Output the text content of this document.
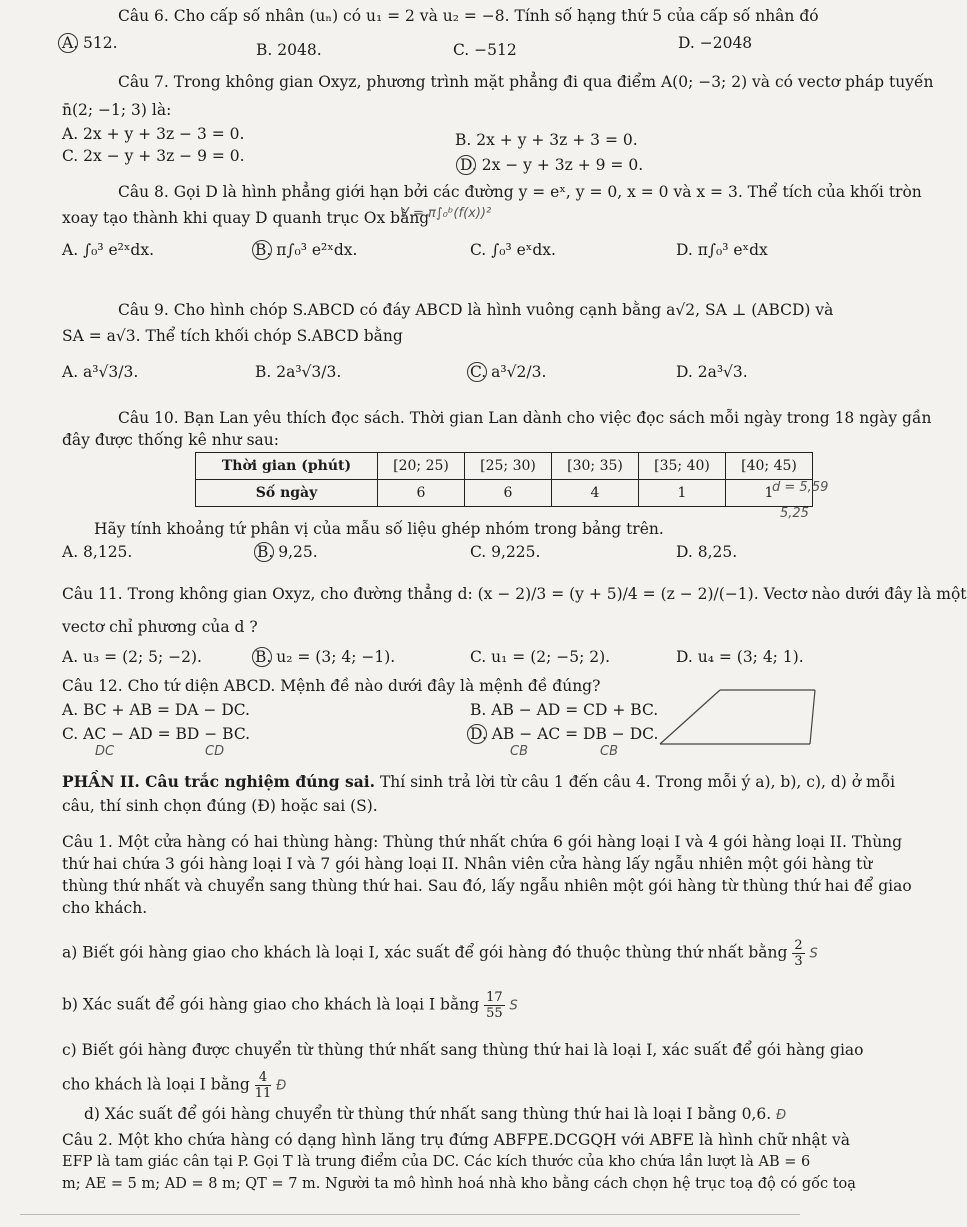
Câu 6. Cho cấp số nhân (uₙ) có u₁ = 2 và u₂ = −8. Tính số hạng thứ 5 của cấp số nhân đó
A. 512.	B. 2048.	C. −512	D. −2048
Câu 7. Trong không gian Oxyz, phương trình mặt phẳng đi qua điểm A(0; −3; 2) và có vectơ pháp tuyến
n̄(2; −1; 3) là:
A. 2x + y + 3z − 3 = 0.	B. 2x + y + 3z + 3 = 0.
C. 2x − y + 3z − 9 = 0.	D. 2x − y + 3z + 9 = 0.
Câu 8. Gọi D là hình phẳng giới hạn bởi các đường y = eˣ, y = 0, x = 0 và x = 3. Thể tích của khối tròn
xoay tạo thành khi quay D quanh trục Ox bằng
V = π∫₀ᵇ(f(x))²
A. ∫₀³ e²ˣdx.	B. π∫₀³ e²ˣdx.	C. ∫₀³ eˣdx.	D. π∫₀³ eˣdx
Câu 9. Cho hình chóp S.ABCD có đáy ABCD là hình vuông cạnh bằng a√2, SA ⊥ (ABCD) và
SA = a√3. Thể tích khối chóp S.ABCD bằng
A. a³√3/3.	B. 2a³√3/3.	C. a³√2/3.	D. 2a³√3.
Câu 10. Bạn Lan yêu thích đọc sách. Thời gian Lan dành cho việc đọc sách mỗi ngày trong 18 ngày gần
đây được thống kê như sau:
Thời gian (phút)	[20; 25)	[25; 30)	[30; 35)	[35; 40)	[40; 45)
Số ngày	6	6	4	1	1
d = 5,59
5,25
Hãy tính khoảng tứ phân vị của mẫu số liệu ghép nhóm trong bảng trên.
A. 8,125.	B. 9,25.	C. 9,225.	D. 8,25.
Câu 11. Trong không gian Oxyz, cho đường thẳng d: (x − 2)/3 = (y + 5)/4 = (z − 2)/(−1). Vectơ nào dưới đây là một
vectơ chỉ phương của d ?
A. u₃ = (2; 5; −2).	B. u₂ = (3; 4; −1).	C. u₁ = (2; −5; 2).	D. u₄ = (3; 4; 1).
Câu 12. Cho tứ diện ABCD. Mệnh đề nào dưới đây là mệnh đề đúng?
A. BC + AB = DA − DC.	B. AB − AD = CD + BC.
C. AC − AD = BD − BC.	D. AB − AC = DB − DC.
DC	CD	CB	CB
PHẦN II. Câu trắc nghiệm đúng sai. Thí sinh trả lời từ câu 1 đến câu 4. Trong mỗi ý a), b), c), d) ở mỗi
câu, thí sinh chọn đúng (Đ) hoặc sai (S).
Câu 1. Một cửa hàng có hai thùng hàng: Thùng thứ nhất chứa 6 gói hàng loại I và 4 gói hàng loại II. Thùng
thứ hai chứa 3 gói hàng loại I và 7 gói hàng loại II. Nhân viên cửa hàng lấy ngẫu nhiên một gói hàng từ
thùng thứ nhất và chuyển sang thùng thứ hai. Sau đó, lấy ngẫu nhiên một gói hàng từ thùng thứ hai để giao
cho khách.
a) Biết gói hàng giao cho khách là loại I, xác suất để gói hàng đó thuộc thùng thứ nhất bằng $\frac{2}{3}$ S
b) Xác suất để gói hàng giao cho khách là loại I bằng $\frac{17}{55}$ S
c) Biết gói hàng được chuyển từ thùng thứ nhất sang thùng thứ hai là loại I, xác suất để gói hàng giao
cho khách là loại I bằng $\frac{4}{11}$ Đ
d) Xác suất để gói hàng chuyển từ thùng thứ nhất sang thùng thứ hai là loại I bằng 0,6. Đ
Câu 2. Một kho chứa hàng có dạng hình lăng trụ đứng ABFPE.DCGQH với ABFE là hình chữ nhật và
EFP là tam giác cân tại P. Gọi T là trung điểm của DC. Các kích thước của kho chứa lần lượt là AB = 6
m; AE = 5 m; AD = 8 m; QT = 7 m. Người ta mô hình hoá nhà kho bằng cách chọn hệ trục toạ độ có gốc toạ
